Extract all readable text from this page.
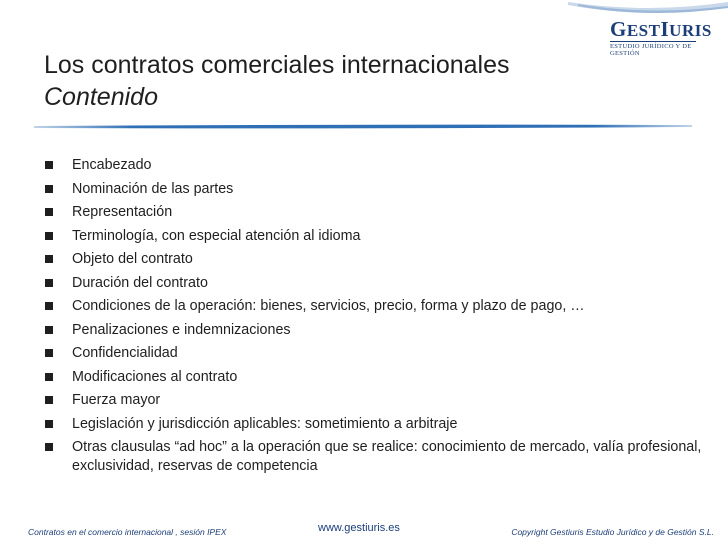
GESTIURIS
ESTUDIO JURÍDICO Y DE GESTIÓN
Los contratos comerciales internacionales
Contenido
Encabezado
Nominación de las partes
Representación
Terminología, con especial atención al idioma
Objeto del contrato
Duración del contrato
Condiciones de la operación: bienes, servicios, precio, forma y plazo de pago, …
Penalizaciones e indemnizaciones
Confidencialidad
Modificaciones al contrato
Fuerza mayor
Legislación y jurisdicción aplicables: sometimiento a arbitraje
Otras clausulas “ad hoc” a la operación que se realice: conocimiento de mercado, valía profesional, exclusividad, reservas de competencia
Contratos en el comercio internacional , sesión IPEX	www.gestiuris.es	Copyright Gestiuris Estudio Jurídico y de Gestión S.L.
